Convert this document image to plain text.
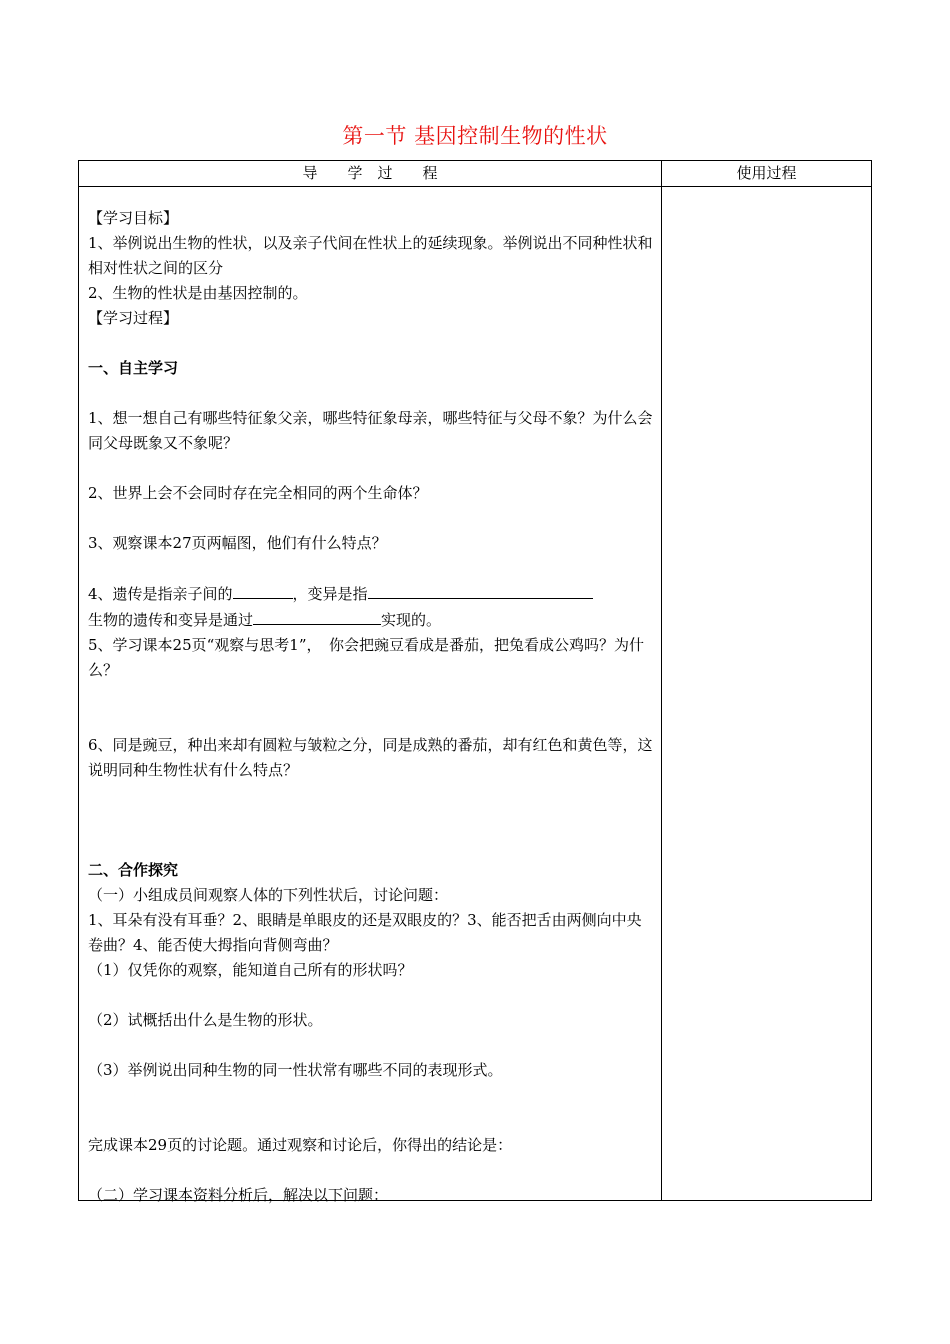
第一节 基因控制生物的性状
导　　学　过　　程	使用过程

【学习目标】

1、举例说出生物的性状，以及亲子代间在性状上的延续现象。举例说出不同种性状和相对性状之间的区分

2、生物的性状是由基因控制的。

【学习过程】

一、自主学习

1、想一想自己有哪些特征象父亲，哪些特征象母亲，哪些特征与父母不象？为什么会同父母既象又不象呢？

2、世界上会不会同时存在完全相同的两个生命体？

3、观察课本27页两幅图，他们有什么特点？

4、遗传是指亲子间的	，变异是指

生物的遗传和变异是通过	实现的。

5、学习课本25页“观察与思考1”，　你会把豌豆看成是番茄，把兔看成公鸡吗？为什么？

6、同是豌豆，种出来却有圆粒与皱粒之分，同是成熟的番茄，却有红色和黄色等，这说明同种生物性状有什么特点？

二、合作探究

（一）小组成员间观察人体的下列性状后，讨论问题：

1、耳朵有没有耳垂？2、眼睛是单眼皮的还是双眼皮的？3、能否把舌由两侧向中央卷曲？4、能否使大拇指向背侧弯曲？

（1）仅凭你的观察，能知道自己所有的形状吗？

（2）试概括出什么是生物的形状。

（3）举例说出同种生物的同一性状常有哪些不同的表现形式。

完成课本29页的讨论题。通过观察和讨论后，你得出的结论是：

（二）学习课本资料分析后，解决以下问题：
